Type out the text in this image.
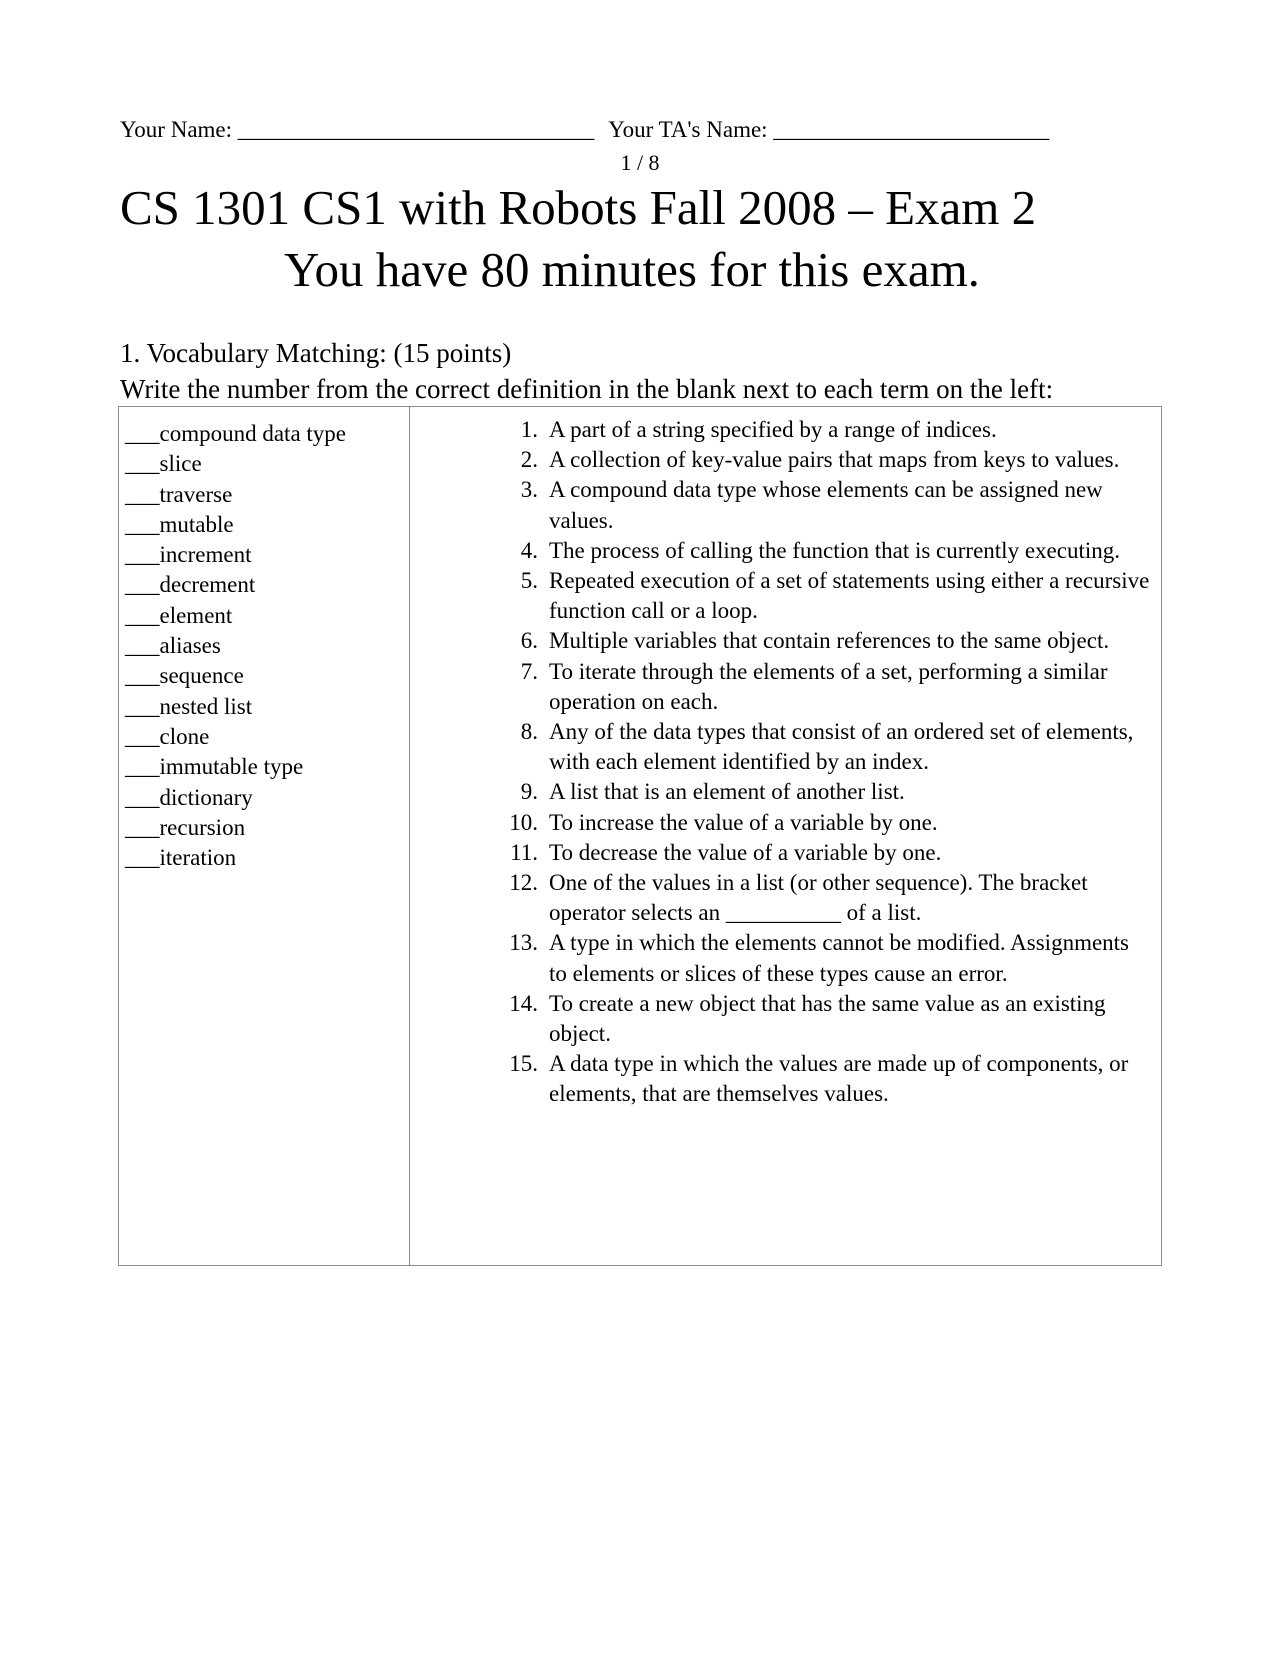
Your Name: _______________________________ Your TA's Name: ________________________
1 / 8
CS 1301 CS1 with Robots Fall 2008 – Exam 2
You have 80 minutes for this exam.
1. Vocabulary Matching: (15 points)
Write the number from the correct definition in the blank next to each term on the left:
___compound data type
___slice
___traverse
___mutable
___increment
___decrement
___element
___aliases
___sequence
___nested list
___clone
___immutable type
___dictionary
___recursion
___iteration
1. A part of a string specified by a range of indices.
2. A collection of key-value pairs that maps from keys to values.
3. A compound data type whose elements can be assigned new values.
4. The process of calling the function that is currently executing.
5. Repeated execution of a set of statements using either a recursive function call or a loop.
6. Multiple variables that contain references to the same object.
7. To iterate through the elements of a set, performing a similar operation on each.
8. Any of the data types that consist of an ordered set of elements, with each element identified by an index.
9. A list that is an element of another list.
10. To increase the value of a variable by one.
11. To decrease the value of a variable by one.
12. One of the values in a list (or other sequence). The bracket operator selects an __________ of a list.
13. A type in which the elements cannot be modified. Assignments to elements or slices of these types cause an error.
14. To create a new object that has the same value as an existing object.
15. A data type in which the values are made up of components, or elements, that are themselves values.
